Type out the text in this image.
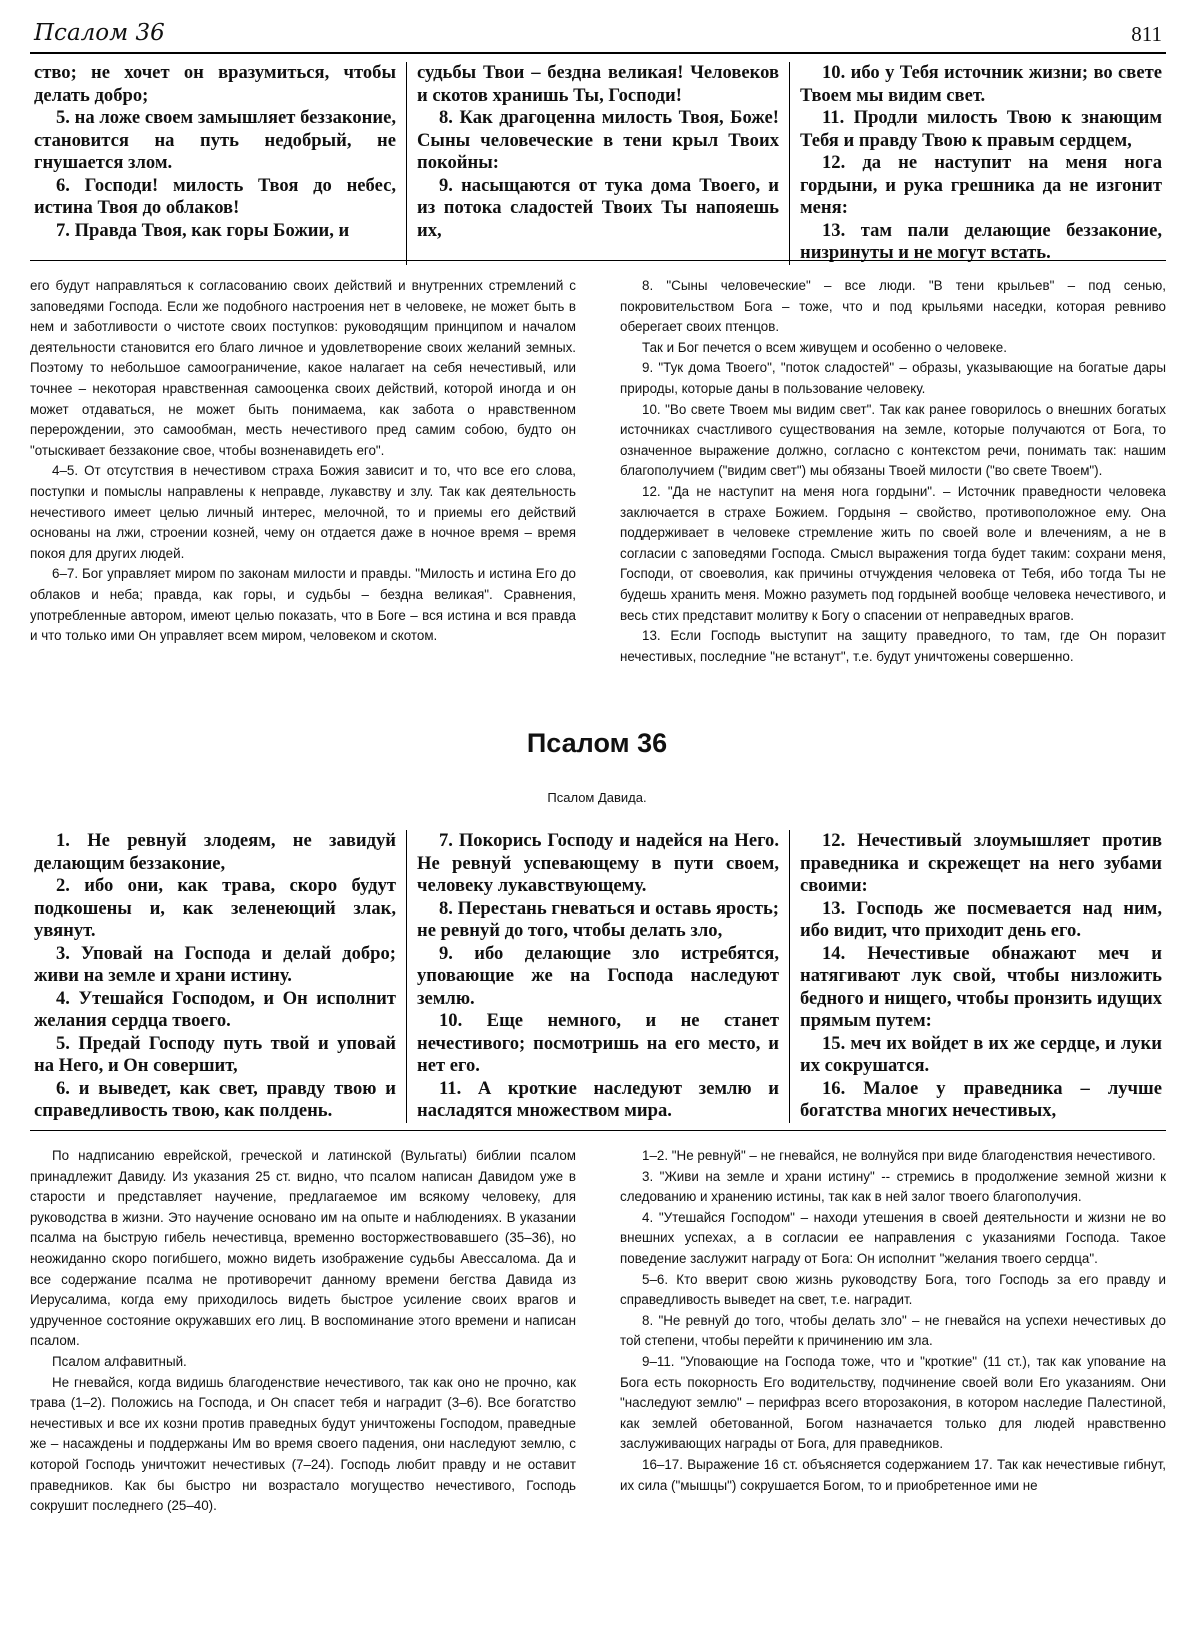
Псалом 36	811

ство; не хочет он вразумиться, чтобы делать добро;

5. на ложе своем замышляет беззаконие, становится на путь недобрый, не гнушается злом.

6. Господи! милость Твоя до небес, истина Твоя до облаков!

7. Правда Твоя, как горы Божии, и

судьбы Твои – бездна великая! Человеков и скотов хранишь Ты, Господи!

8. Как драгоценна милость Твоя, Боже! Сыны человеческие в тени крыл Твоих покойны:

9. насыщаются от тука дома Твоего, и из потока сладостей Твоих Ты напояешь их,

10. ибо у Тебя источник жизни; во свете Твоем мы видим свет.

11. Продли милость Твою к знающим Тебя и правду Твою к правым сердцем,

12. да не наступит на меня нога гордыни, и рука грешника да не изгонит меня:

13. там пали делающие беззаконие, низринуты и не могут встать.

его будут направляться к согласованию своих действий и внутренних стремлений с заповедями Господа. Если же подобного настроения нет в человеке, не может быть в нем и заботливости о чистоте своих поступков: руководящим принципом и началом деятельности становится его благо личное и удовлетворение своих желаний земных. Поэтому то небольшое самоограничение, какое налагает на себя нечестивый, или точнее – некоторая нравственная самооценка своих действий, которой иногда и он может отдаваться, не может быть понимаема, как забота о нравственном перерождении, это самообман, месть нечестивого пред самим собою, будто он "отыскивает беззаконие свое, чтобы возненавидеть его".

4–5. От отсутствия в нечестивом страха Божия зависит и то, что все его слова, поступки и помыслы направлены к неправде, лукавству и злу. Так как деятельность нечестивого имеет целью личный интерес, мелочной, то и приемы его действий основаны на лжи, строении козней, чему он отдается даже в ночное время – время покоя для других людей.

6–7. Бог управляет миром по законам милости и правды. "Милость и истина Его до облаков и неба; правда, как горы, и судьбы – бездна великая". Сравнения, употребленные автором, имеют целью показать, что в Боге – вся истина и вся правда и что только ими Он управляет всем миром, человеком и скотом.

8. "Сыны человеческие" – все люди. "В тени крыльев" – под сенью, покровительством Бога – тоже, что и под крыльями наседки, которая ревниво оберегает своих птенцов.

Так и Бог печется о всем живущем и особенно о человеке.

9. "Тук дома Твоего", "поток сладостей" – образы, указывающие на богатые дары природы, которые даны в пользование человеку.

10. "Во свете Твоем мы видим свет". Так как ранее говорилось о внешних богатых источниках счастливого существования на земле, которые получаются от Бога, то означенное выражение должно, согласно с контекстом речи, понимать так: нашим благополучием ("видим свет") мы обязаны Твоей милости ("во свете Твоем").

12. "Да не наступит на меня нога гордыни". – Источник праведности человека заключается в страхе Божием. Гордыня – свойство, противоположное ему. Она поддерживает в человеке стремление жить по своей воле и влечениям, а не в согласии с заповедями Господа. Смысл выражения тогда будет таким: сохрани меня, Господи, от своеволия, как причины отчуждения человека от Тебя, ибо тогда Ты не будешь хранить меня. Можно разуметь под гордыней вообще человека нечестивого, и весь стих представит молитву к Богу о спасении от неправедных врагов.

13. Если Господь выступит на защиту праведного, то там, где Он поразит нечестивых, последние "не встанут", т.е. будут уничтожены совершенно.

Псалом 36
Псалом Давида.

1. Не ревнуй злодеям, не завидуй делающим беззаконие,

2. ибо они, как трава, скоро будут подкошены и, как зеленеющий злак, увянут.

3. Уповай на Господа и делай добро; живи на земле и храни истину.

4. Утешайся Господом, и Он исполнит желания сердца твоего.

5. Предай Господу путь твой и уповай на Него, и Он совершит,

6. и выведет, как свет, правду твою и справедливость твою, как полдень.

7. Покорись Господу и надейся на Него. Не ревнуй успевающему в пути своем, человеку лукавствующему.

8. Перестань гневаться и оставь ярость; не ревнуй до того, чтобы делать зло,

9. ибо делающие зло истребятся, уповающие же на Господа наследуют землю.

10. Еще немного, и не станет нечестивого; посмотришь на его место, и нет его.

11. А кроткие наследуют землю и насладятся множеством мира.

12. Нечестивый злоумышляет против праведника и скрежещет на него зубами своими:

13. Господь же посмевается над ним, ибо видит, что приходит день его.

14. Нечестивые обнажают меч и натягивают лук свой, чтобы низложить бедного и нищего, чтобы пронзить идущих прямым путем:

15. меч их войдет в их же сердце, и луки их сокрушатся.

16. Малое у праведника – лучше богатства многих нечестивых,

По надписанию еврейской, греческой и латинской (Вульгаты) библии псалом принадлежит Давиду. Из указания 25 ст. видно, что псалом написан Давидом уже в старости и представляет научение, предлагаемое им всякому человеку, для руководства в жизни. Это научение основано им на опыте и наблюдениях. В указании псалма на быструю гибель нечестивца, временно восторжествовавшего (35–36), но неожиданно скоро погибшего, можно видеть изображение судьбы Авессалома. Да и все содержание псалма не противоречит данному времени бегства Давида из Иерусалима, когда ему приходилось видеть быстрое усиление своих врагов и удрученное состояние окружавших его лиц. В воспоминание этого времени и написан псалом.

Псалом алфавитный.

Не гневайся, когда видишь благоденствие нечестивого, так как оно не прочно, как трава (1–2). Положись на Господа, и Он спасет тебя и наградит (3–6). Все богатство нечестивых и все их козни против праведных будут уничтожены Господом, праведные же – насаждены и поддержаны Им во время своего падения, они наследуют землю, с которой Господь уничтожит нечестивых (7–24). Господь любит правду и не оставит праведников. Как бы быстро ни возрастало могущество нечестивого, Господь сокрушит последнего (25–40).

1–2. "Не ревнуй" – не гневайся, не волнуйся при виде благоденствия нечестивого.

3. "Живи на земле и храни истину" -- стремись в продолжение земной жизни к следованию и хранению истины, так как в ней залог твоего благополучия.

4. "Утешайся Господом" – находи утешения в своей деятельности и жизни не во внешних успехах, а в согласии ее направления с указаниями Господа. Такое поведение заслужит награду от Бога: Он исполнит "желания твоего сердца".

5–6. Кто вверит свою жизнь руководству Бога, того Господь за его правду и справедливость выведет на свет, т.е. наградит.

8. "Не ревнуй до того, чтобы делать зло" – не гневайся на успехи нечестивых до той степени, чтобы перейти к причинению им зла.

9–11. "Уповающие на Господа тоже, что и "кроткие" (11 ст.), так как упование на Бога есть покорность Его водительству, подчинение своей воли Его указаниям. Они "наследуют землю" – перифраз всего второзакония, в котором наследие Палестиной, как землей обетованной, Богом назначается только для людей нравственно заслуживающих награды от Бога, для праведников.

16–17. Выражение 16 ст. объясняется содержанием 17. Так как нечестивые гибнут, их сила ("мышцы") сокрушается Богом, то и приобретенное ими не
